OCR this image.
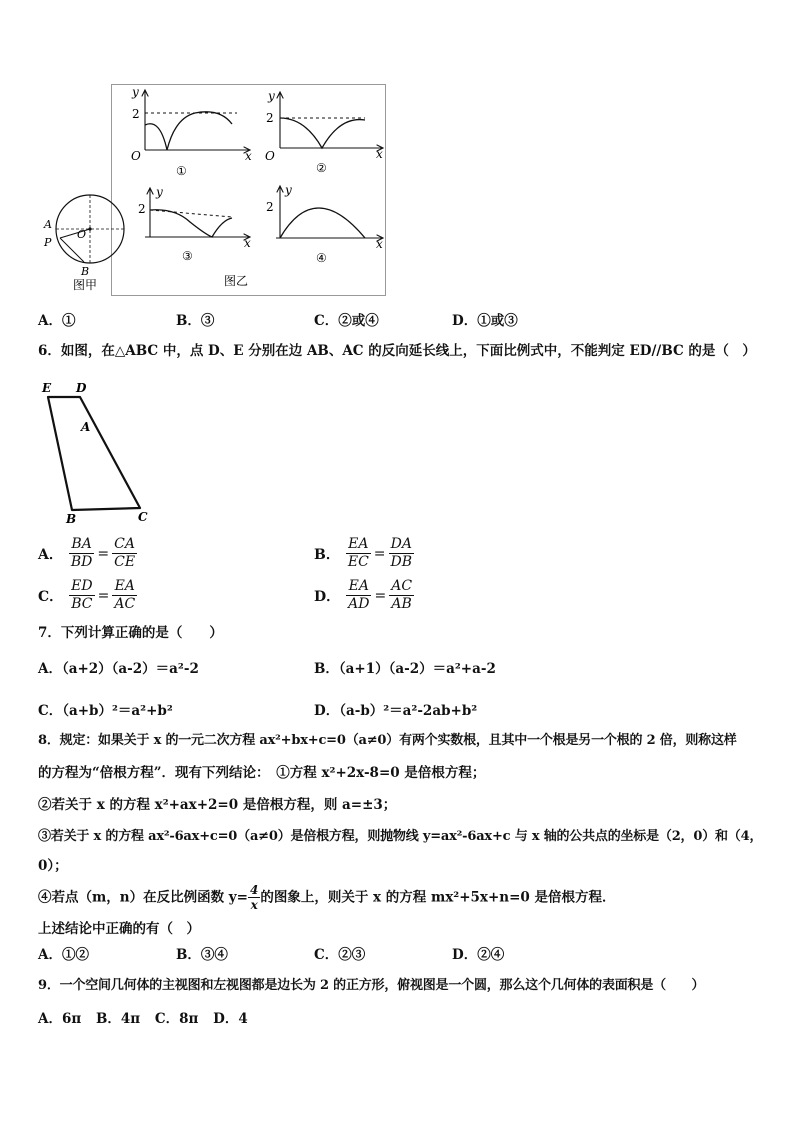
y
2
O	x
①
y
2
O	x
②
A
P
O
B
图甲
y
2
x
③
y
2
x
④
图乙
A．①	B．③	C．②或④	D．①或③
6．如图，在△ABC 中，点 D、E 分别在边 AB、AC 的反向延长线上，下面比例式中，不能判定 ED//BC 的是（　）
E D
A
B	C
A． $\frac{BA}{BD} = \frac{CA}{CE}$	B． $\frac{EA}{EC} = \frac{DA}{DB}$
C． $\frac{ED}{BC} = \frac{EA}{AC}$	D． $\frac{EA}{AD} = \frac{AC}{AB}$
7．下列计算正确的是（　　）
A．（a+2）（a-2）＝a²-2	B．（a+1）（a-2）＝a²+a-2
C．（a+b）²＝a²+b²	D．（a-b）²＝a²-2ab+b²
8．规定：如果关于 x 的一元二次方程 ax²+bx+c=0（a≠0）有两个实数根，且其中一个根是另一个根的 2 倍，则称这样
的方程为“倍根方程”．现有下列结论：　①方程 x²+2x-8=0 是倍根方程；
②若关于 x 的方程 x²+ax+2=0 是倍根方程，则 a=±3；
③若关于 x 的方程 ax²-6ax+c=0（a≠0）是倍根方程，则抛物线 y=ax²-6ax+c 与 x 轴的公共点的坐标是（2，0）和（4，
0）；
④若点（m，n）在反比例函数 $y= \frac{4}{x}$ 的图象上，则关于 x 的方程 mx²+5x+n=0 是倍根方程．
上述结论中正确的有（　）
A．①②	B．③④	C．②③	D．②④
9．一个空间几何体的主视图和左视图都是边长为 2 的正方形，俯视图是一个圆，那么这个几何体的表面积是（　　）
A．6π B．4π C．8π D．4
